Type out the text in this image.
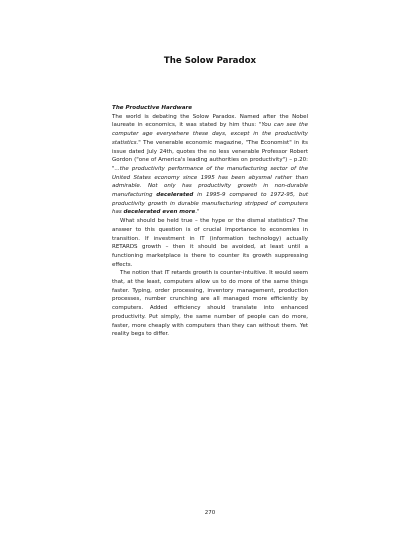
The Solow Paradox
The Productive Hardware

The world is debating the Solow Paradox. Named after the Nobel laureate in economics, it was stated by him thus: "You can see the computer age everywhere these days, except in the productivity statistics." The venerable economic magazine, "The Economist" in its issue dated July 24th, quotes the no less venerable Professor Robert Gordon ("one of America's leading authorities on productivity") – p.20: "...the productivity performance of the manufacturing sector of the United States economy since 1995 has been abysmal rather than admirable. Not only has productivity growth in non-durable manufacturing decelerated in 1995-9 compared to 1972-95, but productivity growth in durable manufacturing stripped of computers has decelerated even more."

What should be held true – the hype or the dismal statistics? The answer to this question is of crucial importance to economies in transition. If investment in IT (information technology) actually RETARDS growth – then it should be avoided, at least until a functioning marketplace is there to counter its growth suppressing effects.

The notion that IT retards growth is counter-intuitive. It would seem that, at the least, computers allow us to do more of the same things faster. Typing, order processing, inventory management, production processes, number crunching are all managed more efficiently by computers. Added efficiency should translate into enhanced productivity. Put simply, the same number of people can do more, faster, more cheaply with computers than they can without them. Yet reality begs to differ.

270
